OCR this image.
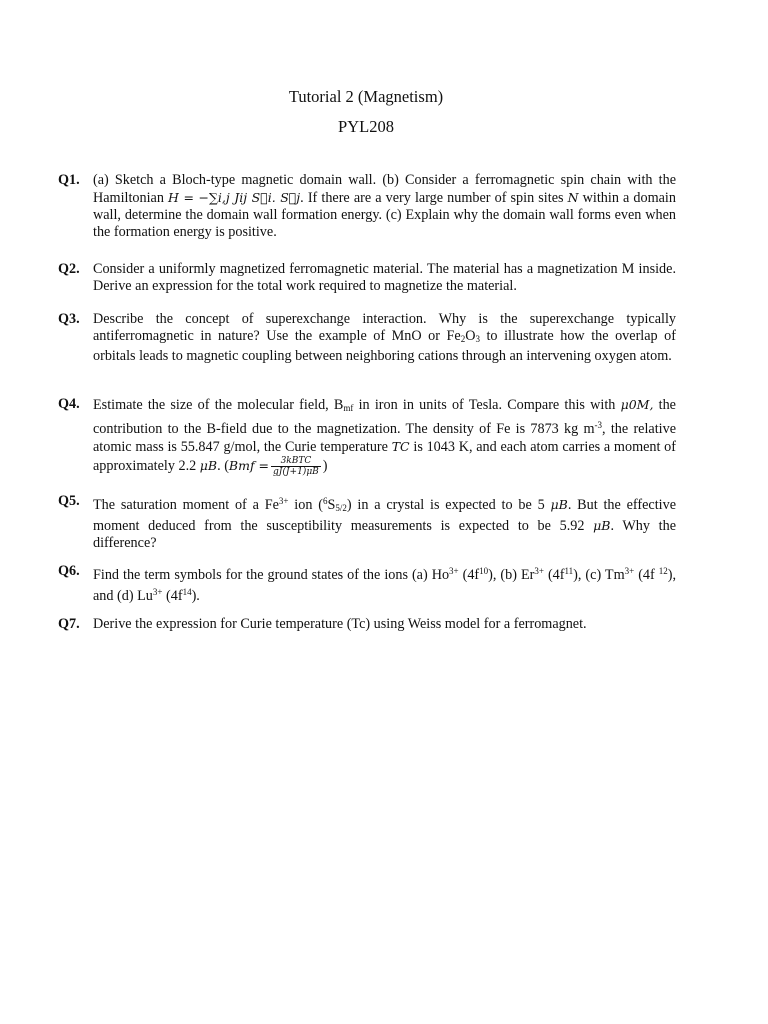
Tutorial 2 (Magnetism)
PYL208
Q1. (a) Sketch a Bloch-type magnetic domain wall. (b) Consider a ferromagnetic spin chain with the Hamiltonian H = −∑i,j Jij S⃗i. S⃗j. If there are a very large number of spin sites N within a domain wall, determine the domain wall formation energy. (c) Explain why the domain wall forms even when the formation energy is positive.
Q2. Consider a uniformly magnetized ferromagnetic material. The material has a magnetization M inside. Derive an expression for the total work required to magnetize the material.
Q3. Describe the concept of superexchange interaction. Why is the superexchange typically antiferromagnetic in nature? Use the example of MnO or $Fe_2O_3$ to illustrate how the overlap of orbitals leads to magnetic coupling between neighboring cations through an intervening oxygen atom.
Q4. Estimate the size of the molecular field, $B_{mf}$ in iron in units of Tesla. Compare this with μ0M, the contribution to the B-field due to the magnetization. The density of Fe is 7873 kg $m^{-3}$, the relative atomic mass is 55.847 g/mol, the Curie temperature TC is 1043 K, and each atom carries a moment of approximately 2.2 μB. ($Bmf = \frac{\text{3kBTC}}{gJ(J+1)\mu B}$ )
Q5. The saturation moment of a $Fe^{3+}$ ion $(^6S_{5/2})$ in a crystal is expected to be 5 μB. But the effective moment deduced from the susceptibility measurements is expected to be 5.92 μB. Why the difference?
Q6. Find the term symbols for the ground states of the ions (a) $Ho^{3+}$ $(4f^{10})$, (b) $Er^{3+}$ $(4f^{11})$, (c) $Tm^{3+}$ (4f $^{12}$), and (d) $Lu^{3+}$ $(4f^{14})$.
Q7. Derive the expression for Curie temperature (Tc) using Weiss model for a ferromagnet.
